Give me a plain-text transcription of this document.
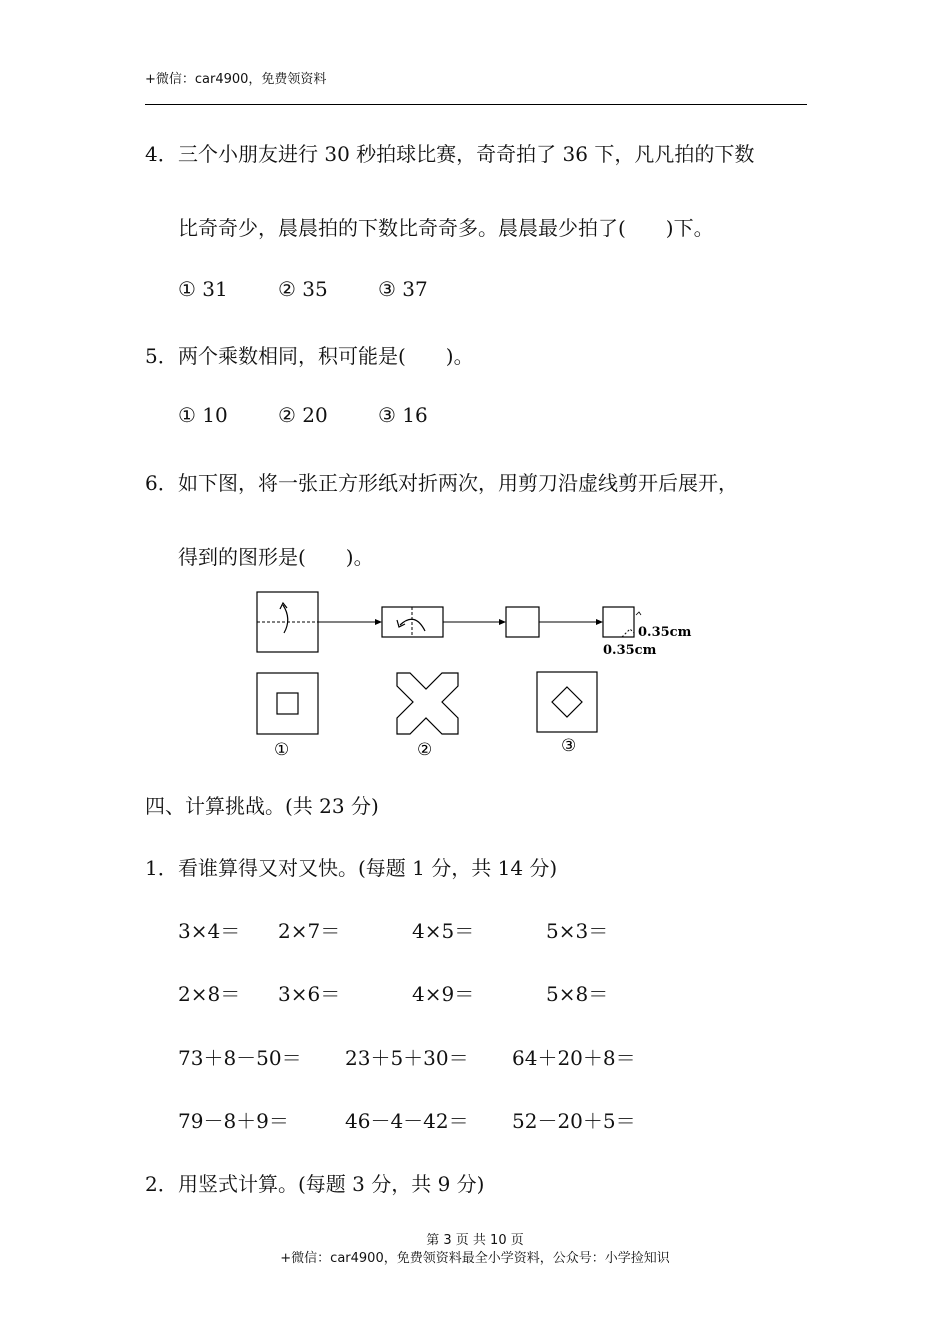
+微信：car4900，免费领资料
4． 三个小朋友进行 30 秒拍球比赛，奇奇拍了 36 下，凡凡拍的下数
比奇奇少，晨晨拍的下数比奇奇多。晨晨最少拍了(　　)下。
① 31	② 35	③ 37
5． 两个乘数相同，积可能是(　　)。
① 10	② 20	③ 16
6． 如下图，将一张正方形纸对折两次，用剪刀沿虚线剪开后展开，
得到的图形是(　　)。
0.35cm
0.35cm
①	②	③
四、计算挑战。(共 23 分)
1． 看谁算得又对又快。(每题 1 分，共 14 分)
3×4＝ 2×7＝	4×5＝	5×3＝
2×8＝ 3×6＝	4×9＝	5×8＝
73＋8－50＝ 23＋5＋30＝ 64＋20＋8＝
79－8＋9＝	46－4－42＝ 52－20＋5＝
2． 用竖式计算。(每题 3 分，共 9 分)
第 3 页 共 10 页
+微信：car4900，免费领资料最全小学资料，公众号：小学捡知识
